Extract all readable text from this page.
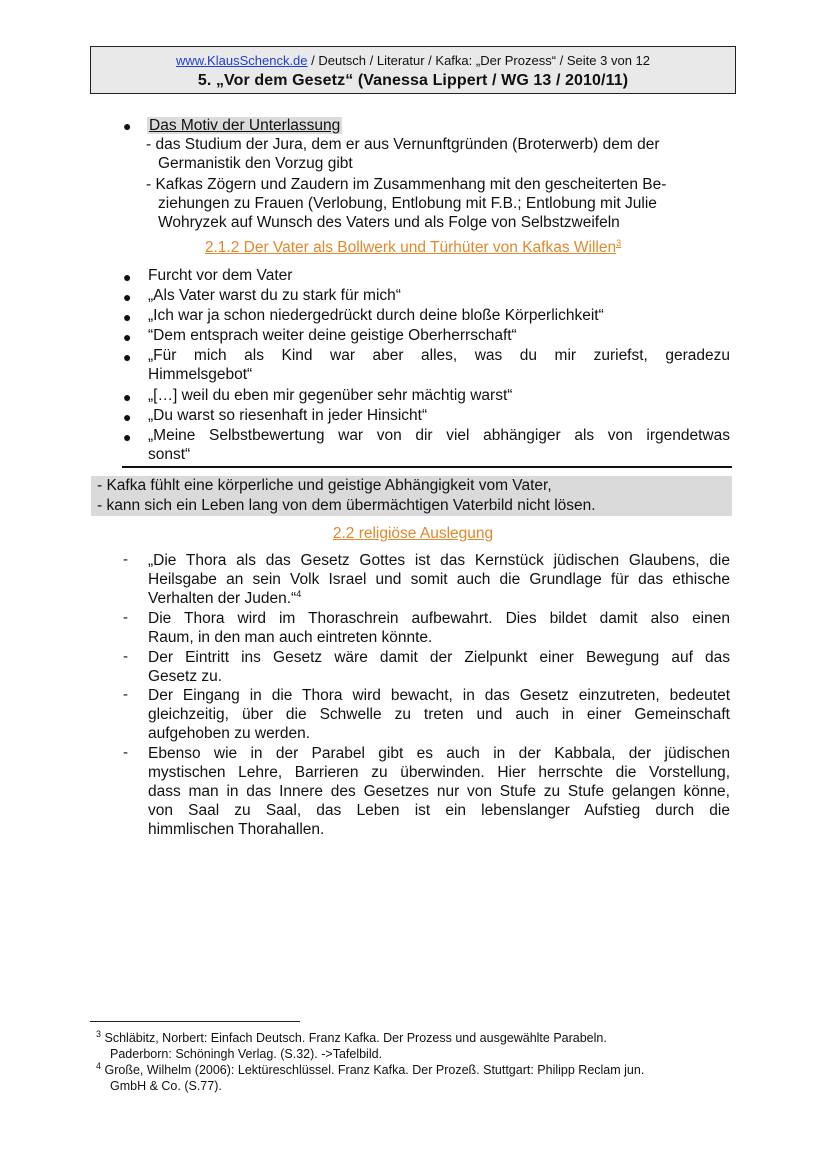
www.KlausSchenck.de / Deutsch / Literatur / Kafka: „Der Prozess“ / Seite 3 von 12
5. „Vor dem Gesetz“ (Vanessa Lippert / WG 13 / 2010/11)
● Das Motiv der Unterlassung
- das Studium der Jura, dem er aus Vernunftgründen (Broterwerb) dem der
Germanistik den Vorzug gibt
- Kafkas Zögern und Zaudern im Zusammenhang mit den gescheiterten Be-
ziehungen zu Frauen (Verlobung, Entlobung mit F.B.; Entlobung mit Julie
Wohryzek auf Wunsch des Vaters und als Folge von Selbstzweifeln
2.1.2 Der Vater als Bollwerk und Türhüter von Kafkas Willen$^3$
● Furcht vor dem Vater
● „Als Vater warst du zu stark für mich“
● „Ich war ja schon niedergedrückt durch deine bloße Körperlichkeit“
● “Dem entsprach weiter deine geistige Oberherrschaft“
● „Für mich als Kind war aber alles, was du mir zuriefst, geradezu
Himmelsgebot“
● „[…] weil du eben mir gegenüber sehr mächtig warst“
● „Du warst so riesenhaft in jeder Hinsicht“
● „Meine Selbstbewertung war von dir viel abhängiger als von irgendetwas
sonst“
- Kafka fühlt eine körperliche und geistige Abhängigkeit vom Vater,
- kann sich ein Leben lang von dem übermächtigen Vaterbild nicht lösen.
2.2 religiöse Auslegung
- „Die Thora als das Gesetz Gottes ist das Kernstück jüdischen Glaubens, die
Heilsgabe an sein Volk Israel und somit auch die Grundlage für das ethische
Verhalten der Juden.“$^4$
- Die Thora wird im Thoraschrein aufbewahrt. Dies bildet damit also einen
Raum, in den man auch eintreten könnte.
- Der Eintritt ins Gesetz wäre damit der Zielpunkt einer Bewegung auf das
Gesetz zu.
- Der Eingang in die Thora wird bewacht, in das Gesetz einzutreten, bedeutet
gleichzeitig, über die Schwelle zu treten und auch in einer Gemeinschaft
aufgehoben zu werden.
- Ebenso wie in der Parabel gibt es auch in der Kabbala, der jüdischen
mystischen Lehre, Barrieren zu überwinden. Hier herrschte die Vorstellung,
dass man in das Innere des Gesetzes nur von Stufe zu Stufe gelangen könne,
von Saal zu Saal, das Leben ist ein lebenslanger Aufstieg durch die
himmlischen Thorahallen.
$^3$ Schläbitz, Norbert: Einfach Deutsch. Franz Kafka. Der Prozess und ausgewählte Parabeln.
Paderborn: Schöningh Verlag. (S.32). ->Tafelbild.
$^4$ Große, Wilhelm (2006): Lektüreschlüssel. Franz Kafka. Der Prozeß. Stuttgart: Philipp Reclam jun.
GmbH & Co. (S.77).
